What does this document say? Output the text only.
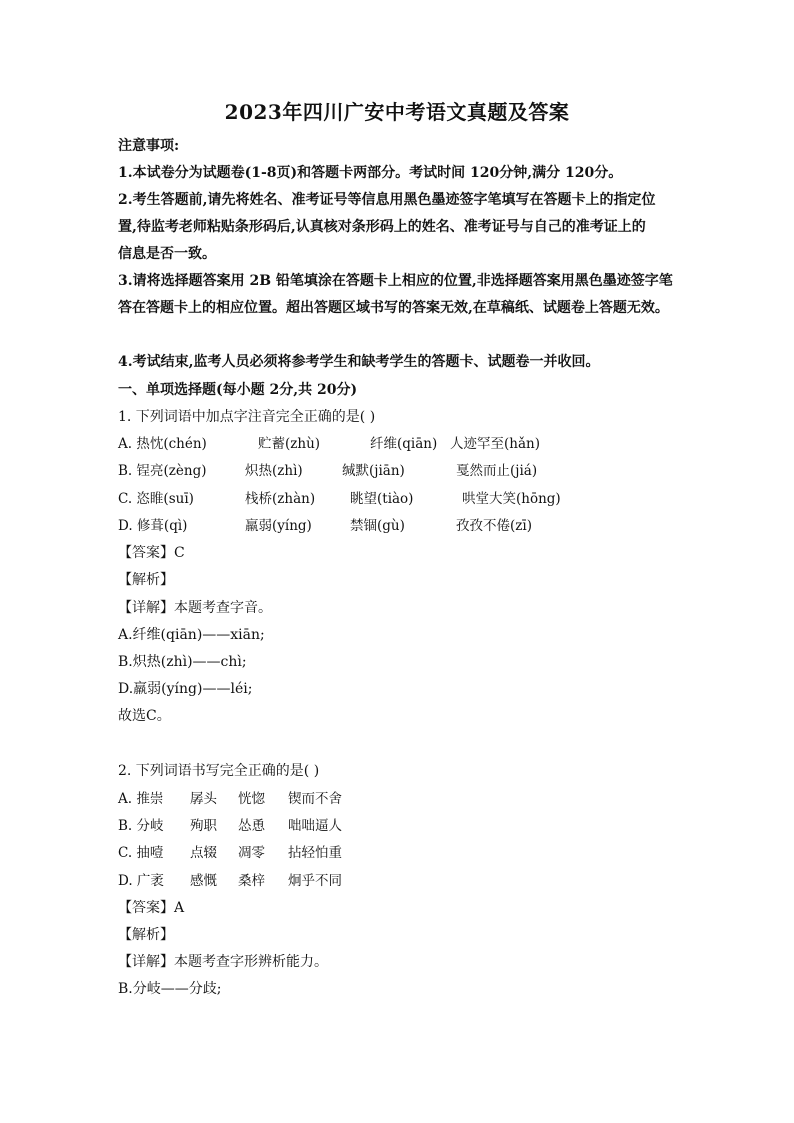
2023年四川广安中考语文真题及答案
注意事项:
1.本试卷分为试题卷(1-8页)和答题卡两部分。考试时间 120分钟,满分 120分。
2.考生答题前,请先将姓名、准考证号等信息用黑色墨迹签字笔填写在答题卡上的指定位
置,待监考老师粘贴条形码后,认真核对条形码上的姓名、准考证号与自己的准考证上的
信息是否一致。
3.请将选择题答案用 2B 铅笔填涂在答题卡上相应的位置,非选择题答案用黑色墨迹签字笔
答在答题卡上的相应位置。超出答题区域书写的答案无效,在草稿纸、试题卷上答题无效。
4.考试结束,监考人员必须将参考学生和缺考学生的答题卡、试题卷一并收回。
一、单项选择题(每小题 2分,共 20分)
1. 下列词语中加点字注音完全正确的是( )
A. 热忱(chén)	贮蓄(zhù)	纤维(qiān) 人迹罕至(hǎn)
B. 锃亮(zèng)	炽热(zhì)	缄默(jiān)	戛然而止(jiá)
C. 恣睢(suī)	栈桥(zhàn)	眺望(tiào)	哄堂大笑(hōng)
D. 修葺(qì)	羸弱(yíng)	禁锢(gù)	孜孜不倦(zī)
【答案】C
【解析】
【详解】本题考查字音。
A.纤维(qiān)——xiān;
B.炽热(zhì)——chì;
D.羸弱(yíng)——léi;
故选C。
2. 下列词语书写完全正确的是( )
A. 推崇 孱头 恍惚 锲而不舍
B. 分岐 殉职 怂恿 咄咄逼人
C. 抽噎 点辍 凋零 拈轻怕重
D. 广袤 感慨 桑梓 炯乎不同
【答案】A
【解析】
【详解】本题考查字形辨析能力。
B.分岐——分歧;
